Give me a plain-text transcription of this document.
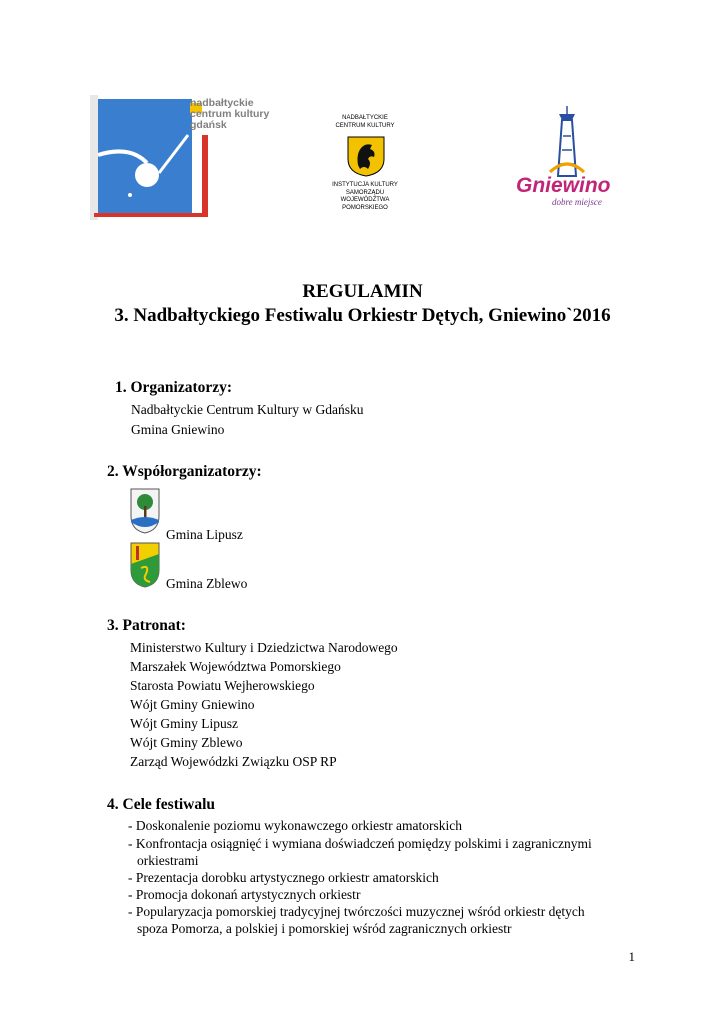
nadbałtyckie
centrum kultury
gdańsk
NADBAŁTYCKIE
CENTRUM KULTURY
INSTYTUCJA KULTURY
SAMORZĄDU
WOJEWÓDZTWA
POMORSKIEGO
Gniewino
dobre miejsce
REGULAMIN
3. Nadbałtyckiego Festiwalu Orkiestr Dętych, Gniewino`2016
1. Organizatorzy:
Nadbałtyckie Centrum Kultury w Gdańsku
Gmina Gniewino
2. Współorganizatorzy:
Gmina Lipusz
Gmina Zblewo
3. Patronat:
Ministerstwo Kultury i Dziedzictwa Narodowego
Marszałek Województwa Pomorskiego
Starosta Powiatu Wejherowskiego
Wójt Gminy Gniewino
Wójt Gminy Lipusz
Wójt Gminy Zblewo
Zarząd Wojewódzki Związku OSP RP
4. Cele festiwalu
- Doskonalenie poziomu wykonawczego orkiestr amatorskich
- Konfrontacja osiągnięć i wymiana doświadczeń pomiędzy polskimi i zagranicznymi
orkiestrami
- Prezentacja dorobku artystycznego orkiestr amatorskich
- Promocja dokonań artystycznych orkiestr
- Popularyzacja pomorskiej tradycyjnej twórczości muzycznej wśród orkiestr dętych
spoza Pomorza, a polskiej i pomorskiej wśród zagranicznych orkiestr
1
